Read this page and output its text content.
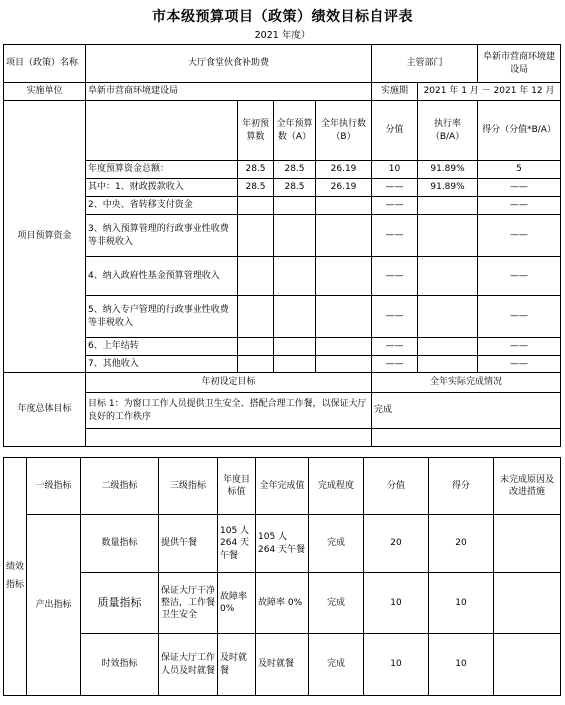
市本级预算项目（政策）绩效目标自评表
2021 年度）
项目（政策）名称	大厅食堂伙食补助费				主管部门		阜新市营商环境建设局
实施单位	阜新市营商环境建设局				实施期	2021 年 1 月 － 2021 年 12 月	
项目预算资金		年初预算数	全年预算数（A）	全年执行数（B）	分值	执行率（B/A）	得分（分值*B/A）
	年度预算资金总额：	28.5	28.5	26.19	10	91.89%	5
	其中：1、财政拨款收入	28.5	28.5	26.19	——	91.89%	——
	2、中央、省转移支付资金				——		——
	3、纳入预算管理的行政事业性收费等非税收入				——		——
	4、纳入政府性基金预算管理收入				——		——
	5、纳入专户管理的行政事业性收费等非税收入				——		——
	6、上年结转				——		——
	7、其他收入				——		——
年度总体目标	年初设定目标				全年实际完成情况		
	目标 1：为窗口工作人员提供卫生安全、搭配合理工作餐，以保证大厅良好的工作秩序				完成		

绩效指标	一级指标	二级指标	三级指标	年度目标值	全年完成值	完成程度	分值	得分	未完成原因及改进措施
	产出指标	数量指标	提供午餐	105 人 264 天午餐	105 人 264 天午餐	完成	20	20	
		质量指标	保证大厅干净整洁，工作餐卫生安全	故障率 0%	故障率 0%	完成	10	10	
		时效指标	保证大厅工作人员及时就餐	及时就餐	及时就餐	完成	10	10	
